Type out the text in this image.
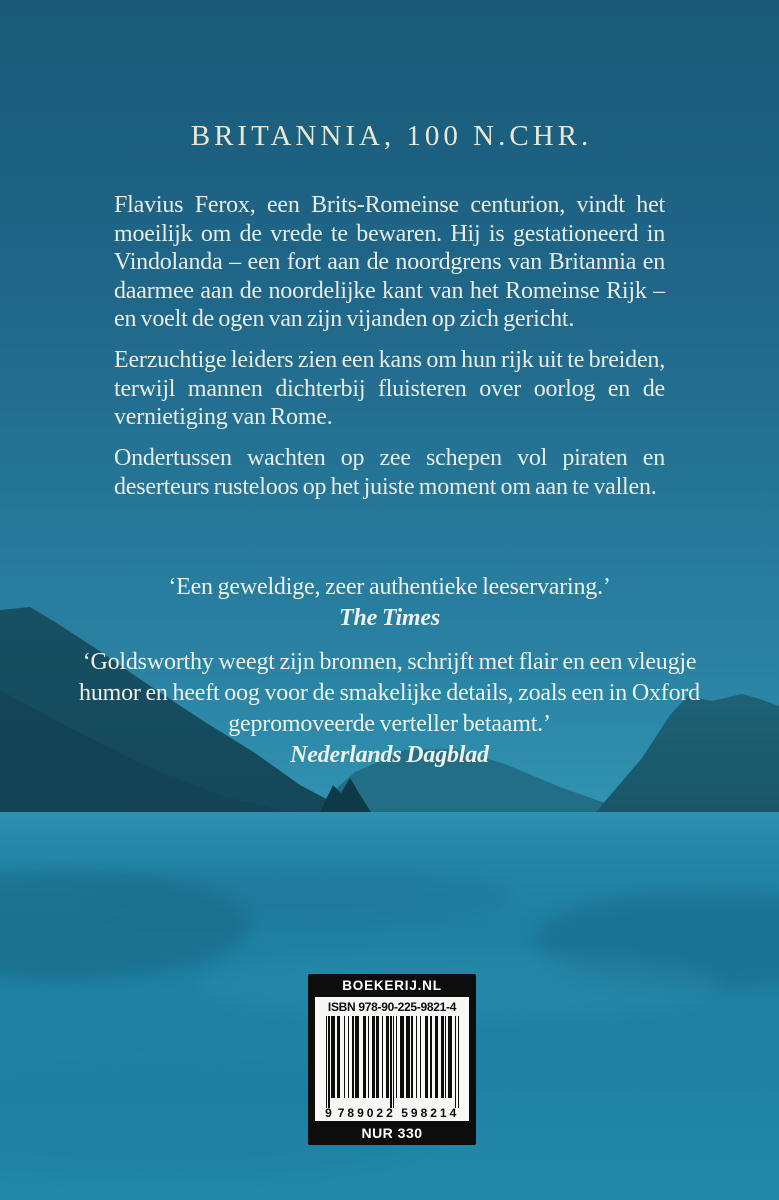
BRITANNIA, 100 N.CHR.

Flavius Ferox, een Brits-Romeinse centurion, vindt het moeilijk om de vrede te bewaren. Hij is gestationeerd in Vindolanda – een fort aan de noordgrens van Britannia en daarmee aan de noordelijke kant van het Romeinse Rijk – en voelt de ogen van zijn vijanden op zich gericht.

Eerzuchtige leiders zien een kans om hun rijk uit te breiden, terwijl mannen dichterbij fluisteren over oorlog en de vernietiging van Rome.

Ondertussen wachten op zee schepen vol piraten en deserteurs rusteloos op het juiste moment om aan te vallen.

‘Een geweldige, zeer authentieke leeservaring.’
The Times
‘Goldsworthy weegt zijn bronnen, schrijft met flair en een vleugje humor en heeft oog voor de smakelijke details, zoals een in Oxford gepromoveerde verteller betaamt.’
Nederlands Dagblad
BOEKERIJ.NL
ISBN 978-90-225-9821-4
9 789022 598214
NUR 330
